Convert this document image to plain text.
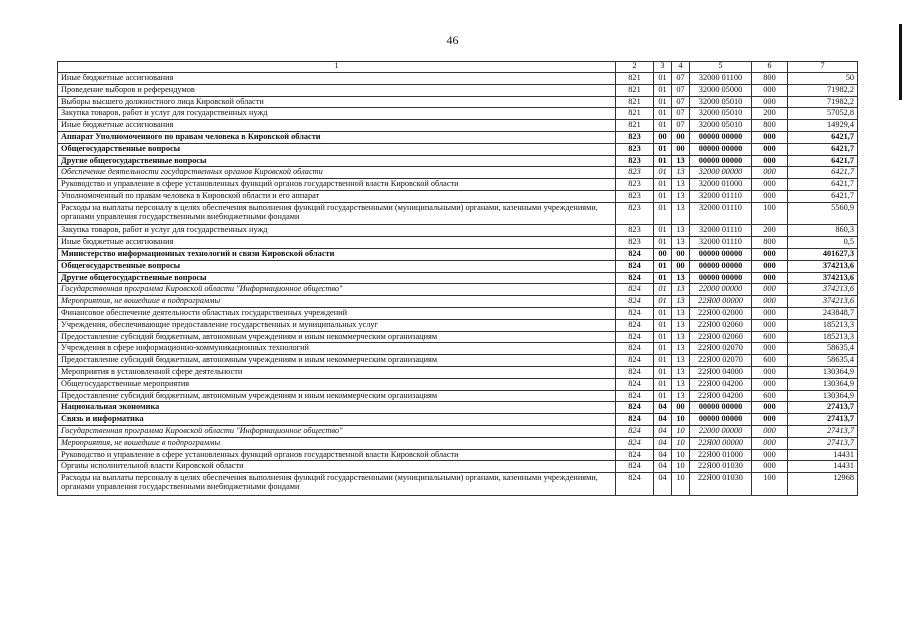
46
1	2	3	4	5	6	7
Иные бюджетные ассигнования	821	01	07	32000 01100	800	50
Проведение выборов и референдумов	821	01	07	32000 05000	000	71982,2
Выборы высшего должностного лица Кировской области	821	01	07	32000 05010	000	71982,2
Закупка товаров, работ и услуг для государственных нужд	821	01	07	32000 05010	200	57052,8
Иные бюджетные ассигнования	821	01	07	32000 05010	800	14929,4
Аппарат Уполномоченного по правам человека в Кировской области	823	00	00	00000 00000	000	6421,7
Общегосударственные вопросы	823	01	00	00000 00000	000	6421,7
Другие общегосударственные вопросы	823	01	13	00000 00000	000	6421,7
Обеспечение деятельности государственных органов Кировской области	823	01	13	32000 00000	000	6421,7
Руководство и управление в сфере установленных функций органов государственной власти Кировской области	823	01	13	32000 01000	000	6421,7
Уполномоченный по правам человека в Кировской области и его аппарат	823	01	13	32000 01110	000	6421,7
Расходы на выплаты персоналу в целях обеспечения выполнения функций государственными (муниципальными) органами, казенными учреждениями, органами управления государственными внебюджетными фондами	823	01	13	32000 01110	100	5560,9
Закупка товаров, работ и услуг для государственных нужд	823	01	13	32000 01110	200	860,3
Иные бюджетные ассигнования	823	01	13	32000 01110	800	0,5
Министерство информационных технологий и связи Кировской области	824	00	00	00000 00000	000	401627,3
Общегосударственные вопросы	824	01	00	00000 00000	000	374213,6
Другие общегосударственные вопросы	824	01	13	00000 00000	000	374213,6
Государственная программа Кировской области "Информационное общество"	824	01	13	22000 00000	000	374213,6
Мероприятия, не вошедшие в подпрограммы	824	01	13	22Я00 00000	000	374213,6
Финансовое обеспечение деятельности областных государственных учреждений	824	01	13	22Я00 02000	000	243848,7
Учреждения, обеспечивающие предоставление государственных и муниципальных услуг	824	01	13	22Я00 02060	000	185213,3
Предоставление субсидий бюджетным, автономным учреждениям и иным некоммерческим организациям	824	01	13	22Я00 02060	600	185213,3
Учреждения в сфере информационно-коммуникационных технологий	824	01	13	22Я00 02070	000	58635,4
Предоставление субсидий бюджетным, автономным учреждениям и иным некоммерческим организациям	824	01	13	22Я00 02070	600	58635,4
Мероприятия в установленной сфере деятельности	824	01	13	22Я00 04000	000	130364,9
Общегосударственные мероприятия	824	01	13	22Я00 04200	000	130364,9
Предоставление субсидий бюджетным, автономным учреждениям и иным некоммерческим организациям	824	01	13	22Я00 04200	600	130364,9
Национальная экономика	824	04	00	00000 00000	000	27413,7
Связь и информатика	824	04	10	00000 00000	000	27413,7
Государственная программа Кировской области "Информационное общество"	824	04	10	22000 00000	000	27413,7
Мероприятия, не вошедшие в подпрограммы	824	04	10	22Я00 00000	000	27413,7
Руководство и управление в сфере установленных функций органов государственной власти Кировской области	824	04	10	22Я00 01000	000	14431
Органы исполнительной власти Кировской области	824	04	10	22Я00 01030	000	14431
Расходы на выплаты персоналу в целях обеспечения выполнения функций государственными (муниципальными) органами, казенными учреждениями, органами управления государственными внебюджетными фондами	824	04	10	22Я00 01030	100	12968
